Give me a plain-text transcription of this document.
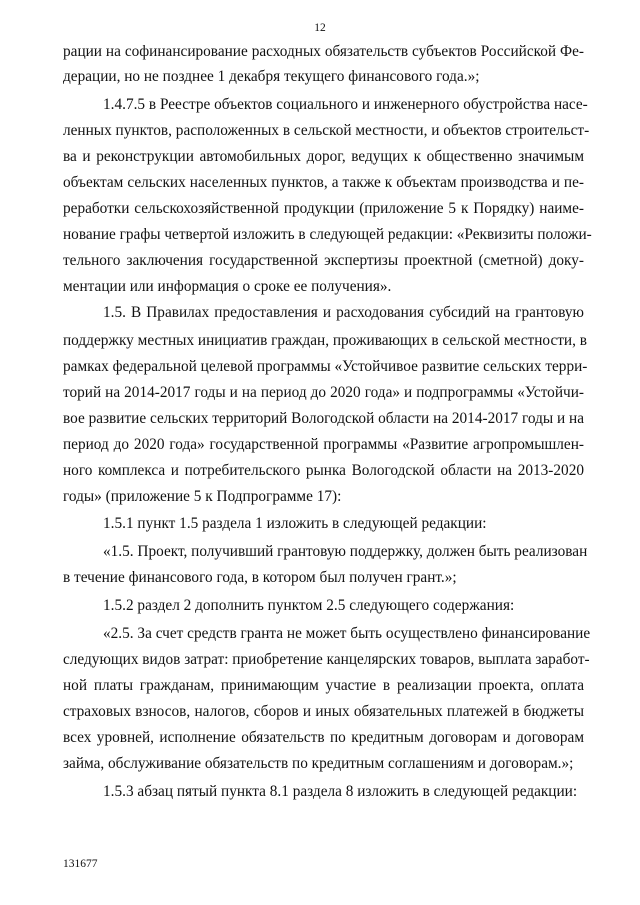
12
рации на софинансирование расходных обязательств субъектов Российской Фе-
дерации, но не позднее 1 декабря текущего финансового года.»;
1.4.7.5 в Реестре объектов социального и инженерного обустройства насе-
ленных пунктов, расположенных в сельской местности, и объектов строительст-
ва и реконструкции автомобильных дорог, ведущих к общественно значимым
объектам сельских населенных пунктов, а также к объектам производства и пе-
реработки сельскохозяйственной продукции (приложение 5 к Порядку) наиме-
нование графы четвертой изложить в следующей редакции: «Реквизиты положи-
тельного заключения государственной экспертизы проектной (сметной) доку-
ментации или информация о сроке ее получения».
1.5. В Правилах предоставления и расходования субсидий на грантовую
поддержку местных инициатив граждан, проживающих в сельской местности, в
рамках федеральной целевой программы «Устойчивое развитие сельских терри-
торий на 2014-2017 годы и на период до 2020 года» и подпрограммы «Устойчи-
вое развитие сельских территорий Вологодской области на 2014-2017 годы и на
период до 2020 года» государственной программы «Развитие агропромышлен-
ного комплекса и потребительского рынка Вологодской области на 2013-2020
годы» (приложение 5 к Подпрограмме 17):
1.5.1 пункт 1.5 раздела 1 изложить в следующей редакции:
«1.5. Проект, получивший грантовую поддержку, должен быть реализован
в течение финансового года, в котором был получен грант.»;
1.5.2 раздел 2 дополнить пунктом 2.5 следующего содержания:
«2.5. За счет средств гранта не может быть осуществлено финансирование
следующих видов затрат: приобретение канцелярских товаров, выплата заработ-
ной платы гражданам, принимающим участие в реализации проекта, оплата
страховых взносов, налогов, сборов и иных обязательных платежей в бюджеты
всех уровней, исполнение обязательств по кредитным договорам и договорам
займа, обслуживание обязательств по кредитным соглашениям и договорам.»;
1.5.3 абзац пятый пункта 8.1 раздела 8 изложить в следующей редакции:
131677
